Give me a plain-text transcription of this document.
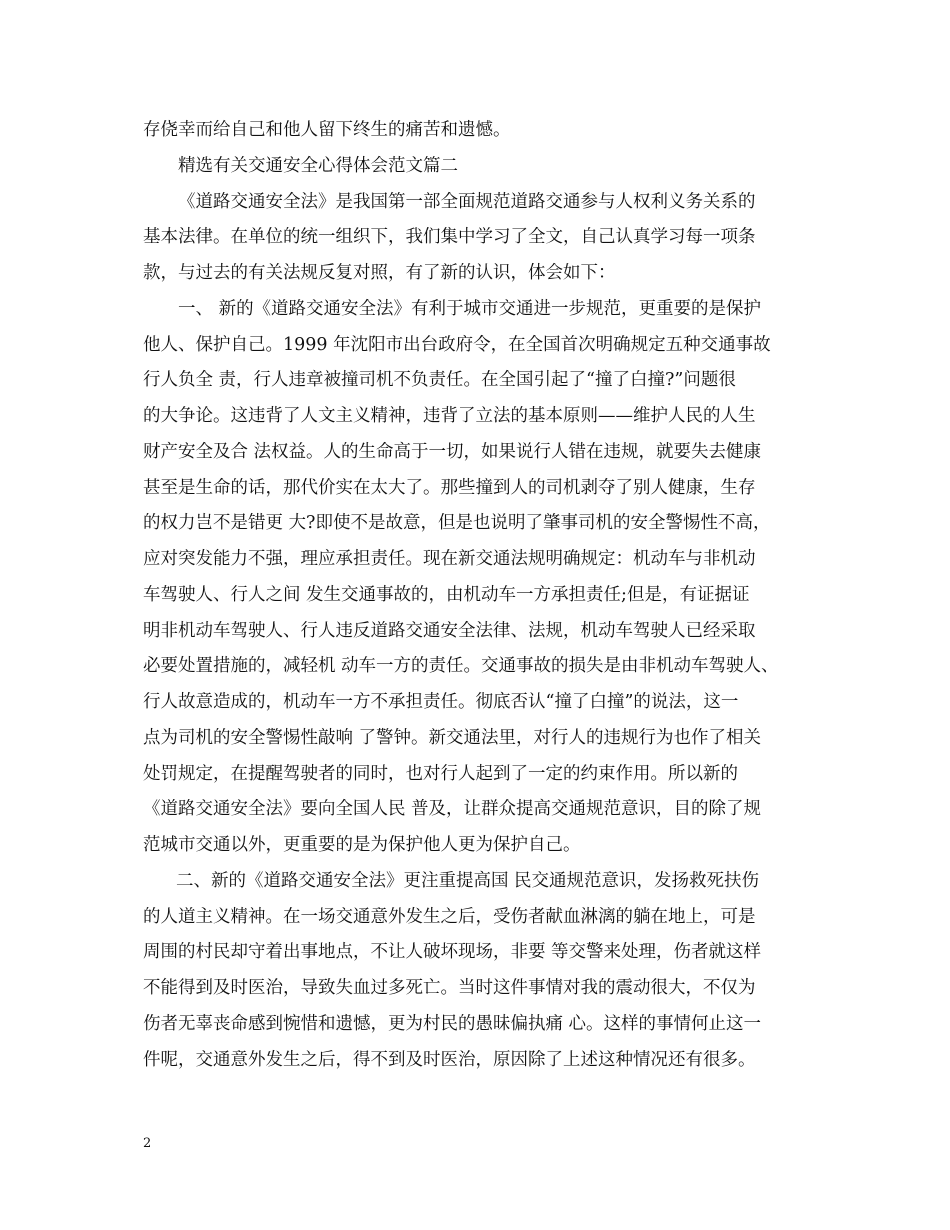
存侥幸而给自己和他人留下终生的痛苦和遗憾。
精选有关交通安全心得体会范文篇二
《道路交通安全法》是我国第一部全面规范道路交通参与人权利义务关系的
基本法律。在单位的统一组织下，我们集中学习了全文，自己认真学习每一项条
款，与过去的有关法规反复对照，有了新的认识，体会如下：
一、 新的《道路交通安全法》有利于城市交通进一步规范，更重要的是保护
他人、保护自己。1999 年沈阳市出台政府令，在全国首次明确规定五种交通事故
行人负全 责，行人违章被撞司机不负责任。在全国引起了“撞了白撞?”问题很
的大争论。这违背了人文主义精神，违背了立法的基本原则——维护人民的人生
财产安全及合 法权益。人的生命高于一切，如果说行人错在违规，就要失去健康
甚至是生命的话，那代价实在太大了。那些撞到人的司机剥夺了别人健康，生存
的权力岂不是错更 大?即使不是故意，但是也说明了肇事司机的安全警惕性不高，
应对突发能力不强，理应承担责任。现在新交通法规明确规定：机动车与非机动
车驾驶人、行人之间 发生交通事故的，由机动车一方承担责任;但是，有证据证
明非机动车驾驶人、行人违反道路交通安全法律、法规，机动车驾驶人已经采取
必要处置措施的，减轻机 动车一方的责任。交通事故的损失是由非机动车驾驶人、
行人故意造成的，机动车一方不承担责任。彻底否认“撞了白撞”的说法，这一
点为司机的安全警惕性敲响 了警钟。新交通法里，对行人的违规行为也作了相关
处罚规定，在提醒驾驶者的同时，也对行人起到了一定的约束作用。所以新的
《道路交通安全法》要向全国人民 普及，让群众提高交通规范意识，目的除了规
范城市交通以外，更重要的是为保护他人更为保护自己。
二、新的《道路交通安全法》更注重提高国 民交通规范意识，发扬救死扶伤
的人道主义精神。在一场交通意外发生之后，受伤者献血淋漓的躺在地上，可是
周围的村民却守着出事地点，不让人破坏现场，非要 等交警来处理，伤者就这样
不能得到及时医治，导致失血过多死亡。当时这件事情对我的震动很大，不仅为
伤者无辜丧命感到惋惜和遗憾，更为村民的愚昧偏执痛 心。这样的事情何止这一
件呢，交通意外发生之后，得不到及时医治，原因除了上述这种情况还有很多。
2
